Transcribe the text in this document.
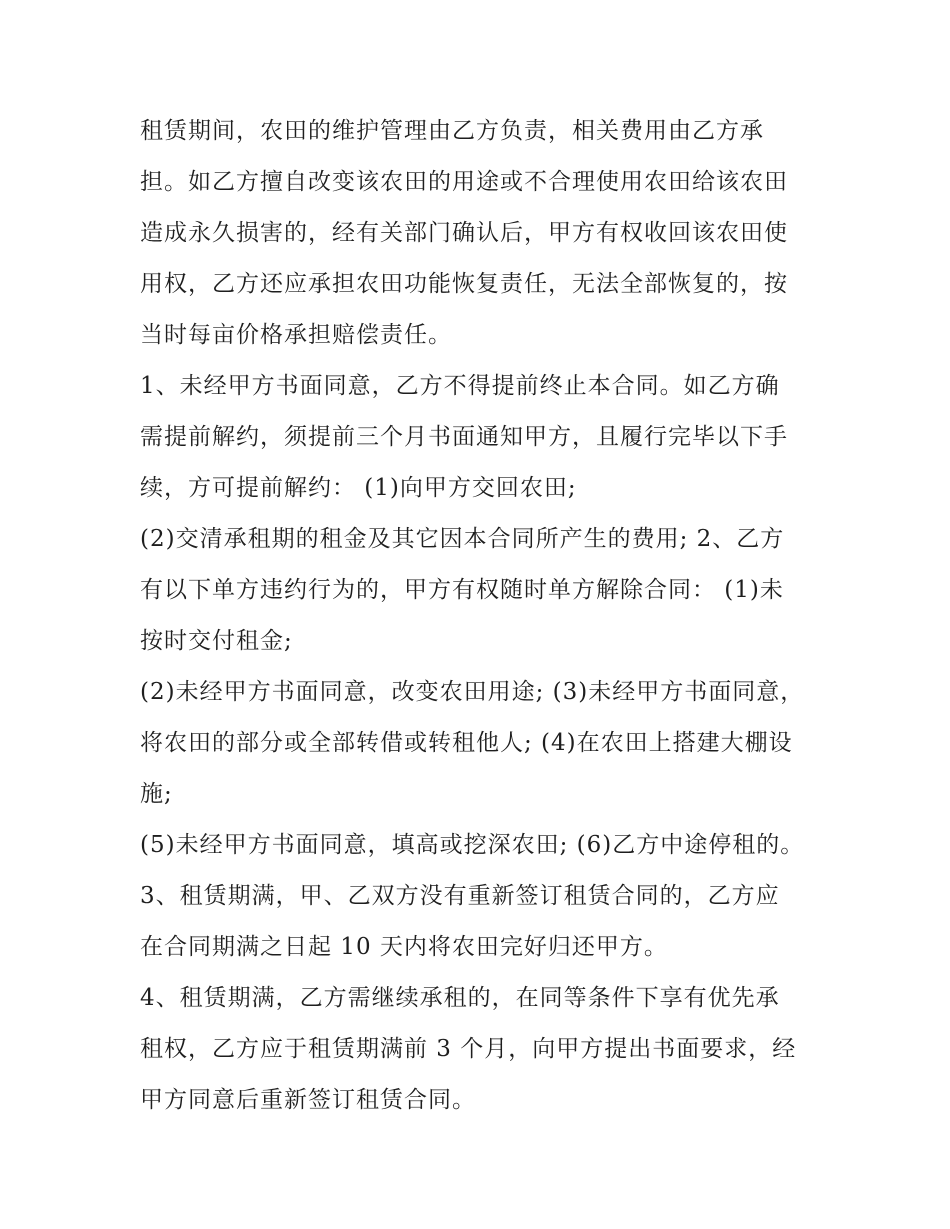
租赁期间，农田的维护管理由乙方负责，相关费用由乙方承
担。如乙方擅自改变该农田的用途或不合理使用农田给该农田
造成永久损害的，经有关部门确认后，甲方有权收回该农田使
用权，乙方还应承担农田功能恢复责任，无法全部恢复的，按
当时每亩价格承担赔偿责任。
1、未经甲方书面同意，乙方不得提前终止本合同。如乙方确
需提前解约，须提前三个月书面通知甲方，且履行完毕以下手
续，方可提前解约： (1)向甲方交回农田;
(2)交清承租期的租金及其它因本合同所产生的费用; 2、乙方
有以下单方违约行为的，甲方有权随时单方解除合同： (1)未
按时交付租金;
(2)未经甲方书面同意，改变农田用途; (3)未经甲方书面同意，
将农田的部分或全部转借或转租他人; (4)在农田上搭建大棚设
施;
(5)未经甲方书面同意，填高或挖深农田; (6)乙方中途停租的。
3、租赁期满，甲、乙双方没有重新签订租赁合同的，乙方应
在合同期满之日起 10 天内将农田完好归还甲方。
4、租赁期满，乙方需继续承租的，在同等条件下享有优先承
租权，乙方应于租赁期满前 3 个月，向甲方提出书面要求，经
甲方同意后重新签订租赁合同。
